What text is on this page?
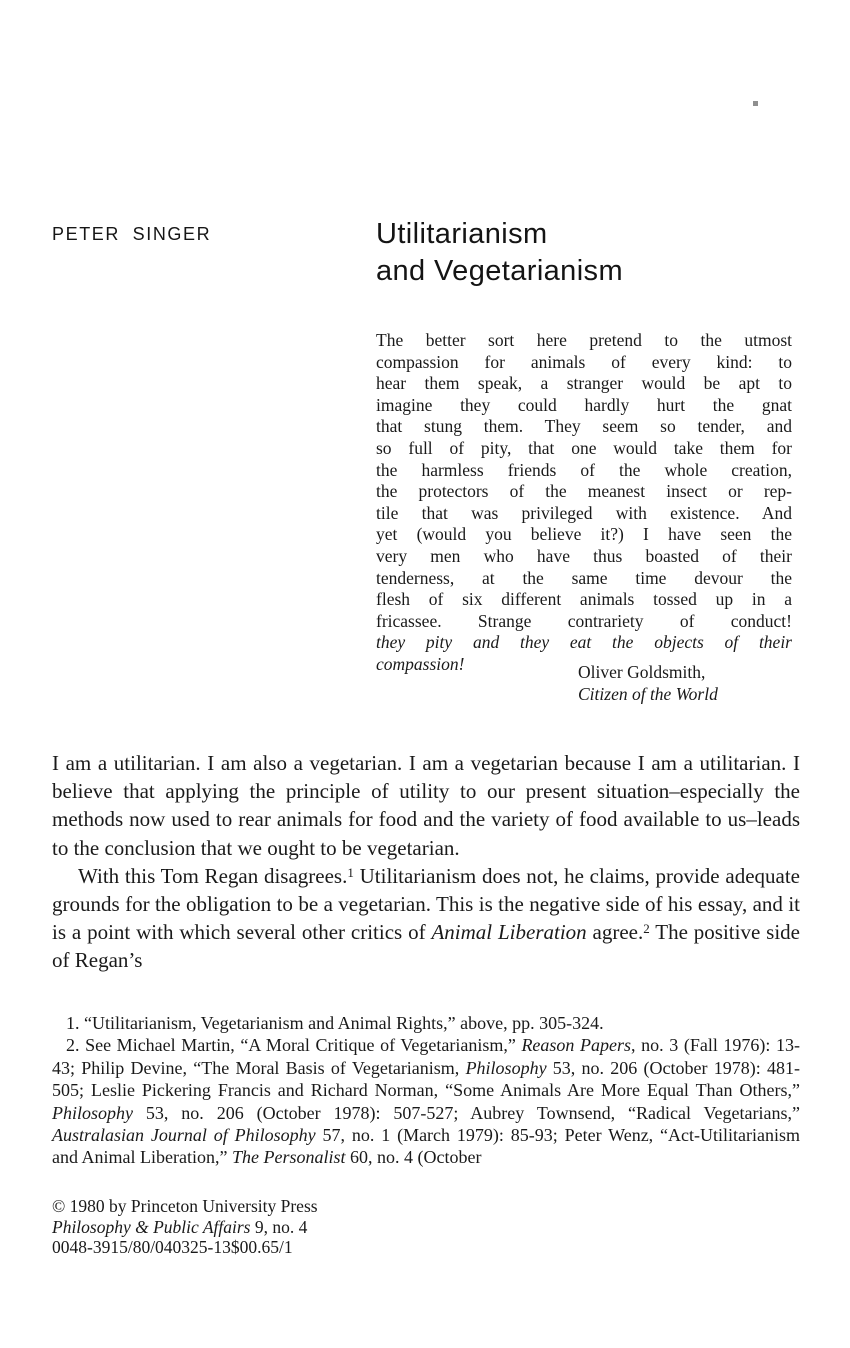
PETER SINGER	Utilitarianism
and Vegetarianism
The better sort here pretend to the utmost
compassion for animals of every kind: to
hear them speak, a stranger would be apt to
imagine they could hardly hurt the gnat
that stung them. They seem so tender, and
so full of pity, that one would take them for
the harmless friends of the whole creation,
the protectors of the meanest insect or rep-
tile that was privileged with existence. And
yet (would you believe it?) I have seen the
very men who have thus boasted of their
tenderness, at the same time devour the
flesh of six different animals tossed up in a
fricassee. Strange contrariety of conduct!
they pity and they eat the objects of their
compassion!	Oliver Goldsmith,
Citizen of the World

I am a utilitarian. I am also a vegetarian. I am a vegetarian because I am a utilitarian. I believe that applying the principle of utility to our present situation–especially the methods now used to rear animals for food and the variety of food available to us–leads to the conclusion that we ought to be vegetarian.

With this Tom Regan disagrees.$^1$ Utilitarianism does not, he claims, provide adequate grounds for the obligation to be a vegetarian. This is the negative side of his essay, and it is a point with which several other critics of Animal Liberation agree.$^2$ The positive side of Regan’s

1. “Utilitarianism, Vegetarianism and Animal Rights,” above, pp. 305-324.

2. See Michael Martin, “A Moral Critique of Vegetarianism,” Reason Papers, no. 3 (Fall 1976): 13-43; Philip Devine, “The Moral Basis of Vegetarianism, Philosophy 53, no. 206 (October 1978): 481-505; Leslie Pickering Francis and Richard Norman, “Some Animals Are More Equal Than Others,” Philosophy 53, no. 206 (October 1978): 507-527; Aubrey Townsend, “Radical Vegetarians,” Australasian Journal of Philosophy 57, no. 1 (March 1979): 85-93; Peter Wenz, “Act-Utilitarianism and Animal Liberation,” The Personalist 60, no. 4 (October

© 1980 by Princeton University Press
Philosophy & Public Affairs 9, no. 4
0048-3915/80/040325-13$00.65/1
